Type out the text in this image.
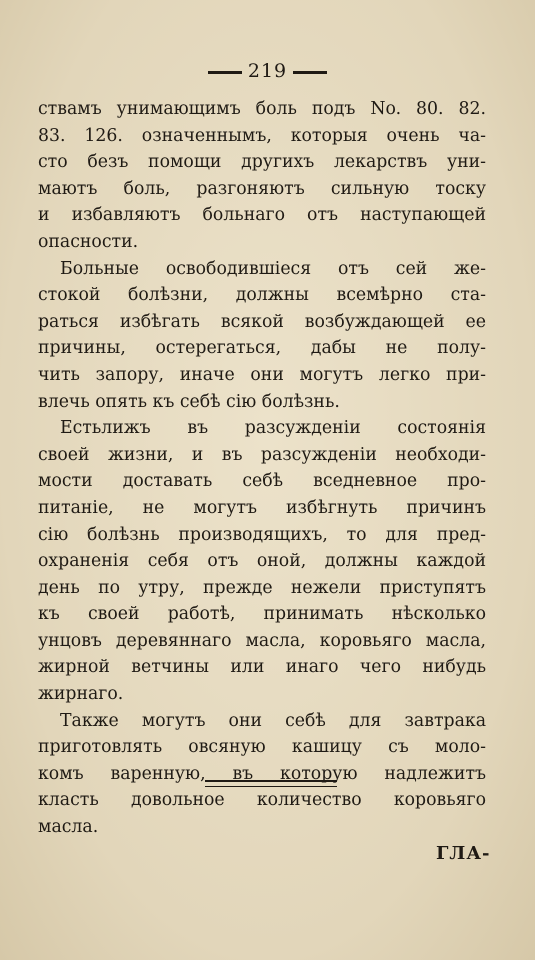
219
ствамъ унимающимъ боль подъ No. 80. 82.
83. 126. означеннымъ, которыя очень ча-
сто безъ помощи другихъ лекарствъ уни-
маютъ боль, разгоняютъ сильную тоску
и избавляютъ больнаго отъ наступающей
опасности.
Больные освободившіеся отъ сей же-
стокой болѣзни, должны всемѣрно ста-
раться избѣгать всякой возбуждающей ее
причины, остерегаться, дабы не полу-
чить запору, иначе они могутъ легко при-
влечь опять къ себѣ сію болѣзнь.
Естьлижъ въ разсужденіи состоянія
своей жизни, и въ разсужденіи необходи-
мости доставать себѣ вседневное про-
питаніе, не могутъ избѣгнуть причинъ
сію болѣзнь производящихъ, то для пред-
охраненія себя отъ оной, должны каждой
день по утру, прежде нежели приступятъ
къ своей работѣ, принимать нѣсколько
унцовъ деревяннаго масла, коровьяго масла,
жирной ветчины или инаго чего нибудь
жирнаго.
Также могутъ они себѣ для завтрака
приготовлять овсяную кашицу съ моло-
комъ варенную, въ которую надлежитъ
класть довольное количество коровьяго
масла.
ГЛА-
